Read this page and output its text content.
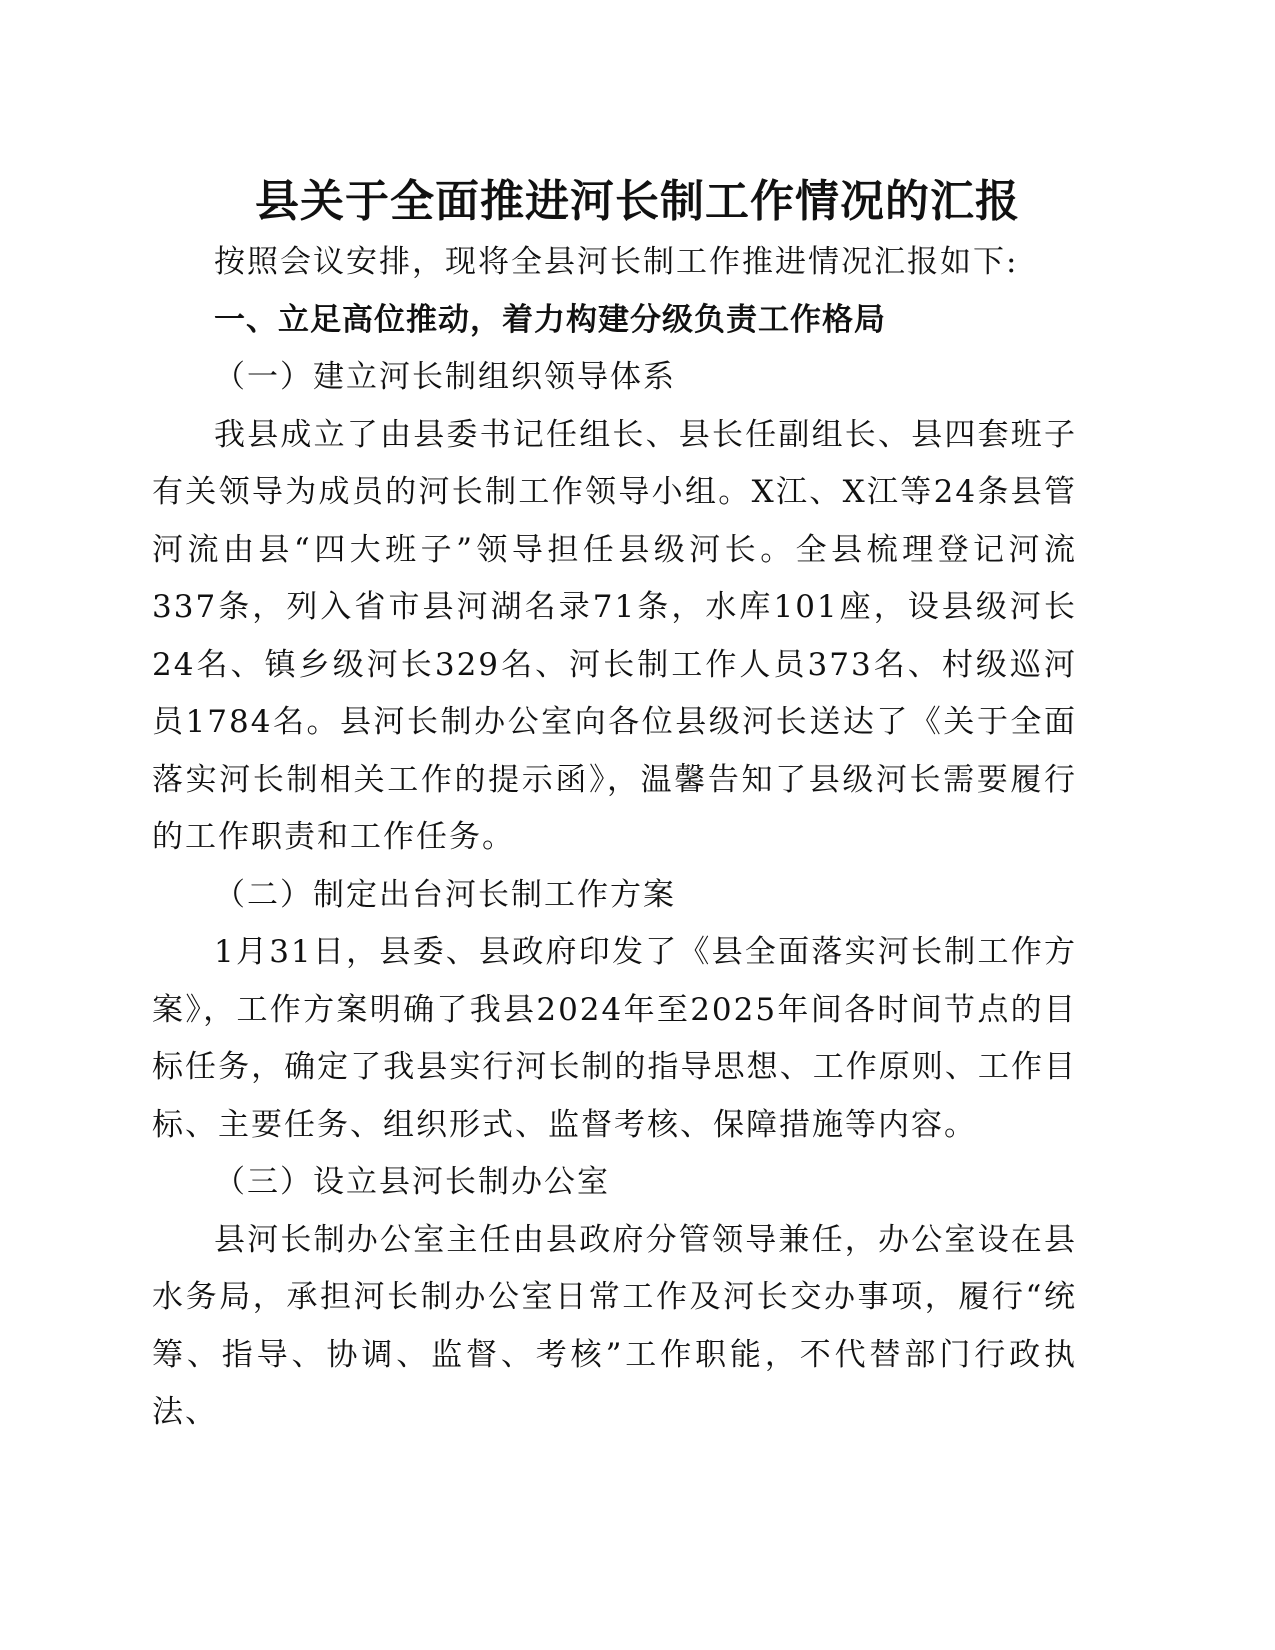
县关于全面推进河长制工作情况的汇报

按照会议安排，现将全县河长制工作推进情况汇报如下:

一、立足高位推动，着力构建分级负责工作格局

（一）建立河长制组织领导体系

我县成立了由县委书记任组长、县长任副组长、县四套班子有关领导为成员的河长制工作领导小组。X江、X江等24条县管河流由县“四大班子”领导担任县级河长。全县梳理登记河流337条，列入省市县河湖名录71条，水库101座，设县级河长24名、镇乡级河长329名、河长制工作人员373名、村级巡河员1784名。县河长制办公室向各位县级河长送达了《关于全面落实河长制相关工作的提示函》，温馨告知了县级河长需要履行的工作职责和工作任务。

（二）制定出台河长制工作方案

1月31日，县委、县政府印发了《县全面落实河长制工作方案》，工作方案明确了我县2024年至2025年间各时间节点的目标任务，确定了我县实行河长制的指导思想、工作原则、工作目标、主要任务、组织形式、监督考核、保障措施等内容。

（三）设立县河长制办公室

县河长制办公室主任由县政府分管领导兼任，办公室设在县水务局，承担河长制办公室日常工作及河长交办事项，履行“统筹、指导、协调、监督、考核”工作职能，不代替部门行政执法、
